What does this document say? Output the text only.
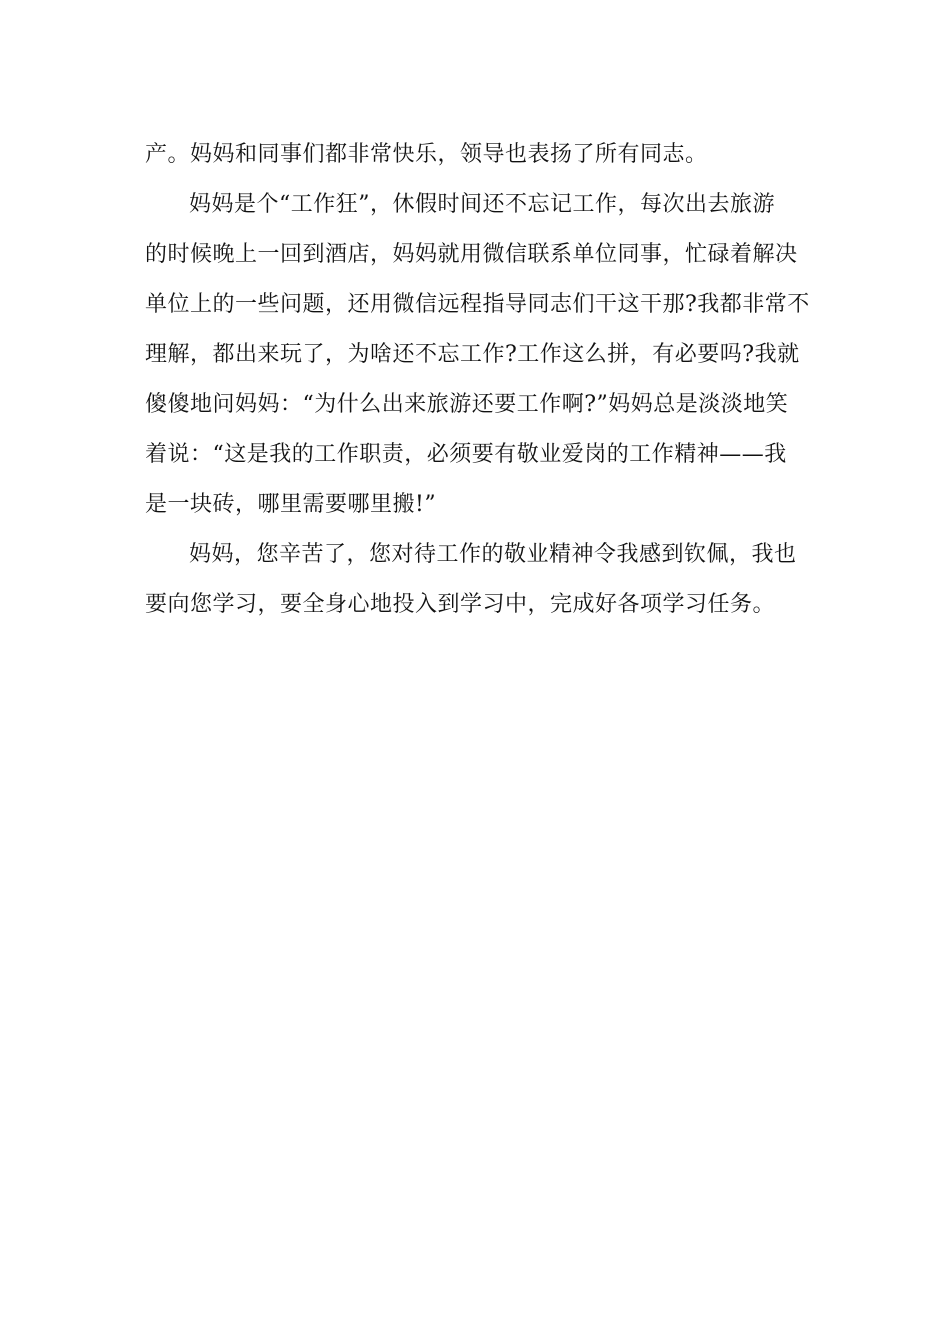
产。妈妈和同事们都非常快乐，领导也表扬了所有同志。
妈妈是个“工作狂”，休假时间还不忘记工作，每次出去旅游
的时候晚上一回到酒店，妈妈就用微信联系单位同事，忙碌着解决
单位上的一些问题，还用微信远程指导同志们干这干那?我都非常不
理解，都出来玩了，为啥还不忘工作?工作这么拼，有必要吗?我就
傻傻地问妈妈：“为什么出来旅游还要工作啊?”妈妈总是淡淡地笑
着说：“这是我的工作职责，必须要有敬业爱岗的工作精神——我
是一块砖，哪里需要哪里搬!”
妈妈，您辛苦了，您对待工作的敬业精神令我感到钦佩，我也
要向您学习，要全身心地投入到学习中，完成好各项学习任务。
